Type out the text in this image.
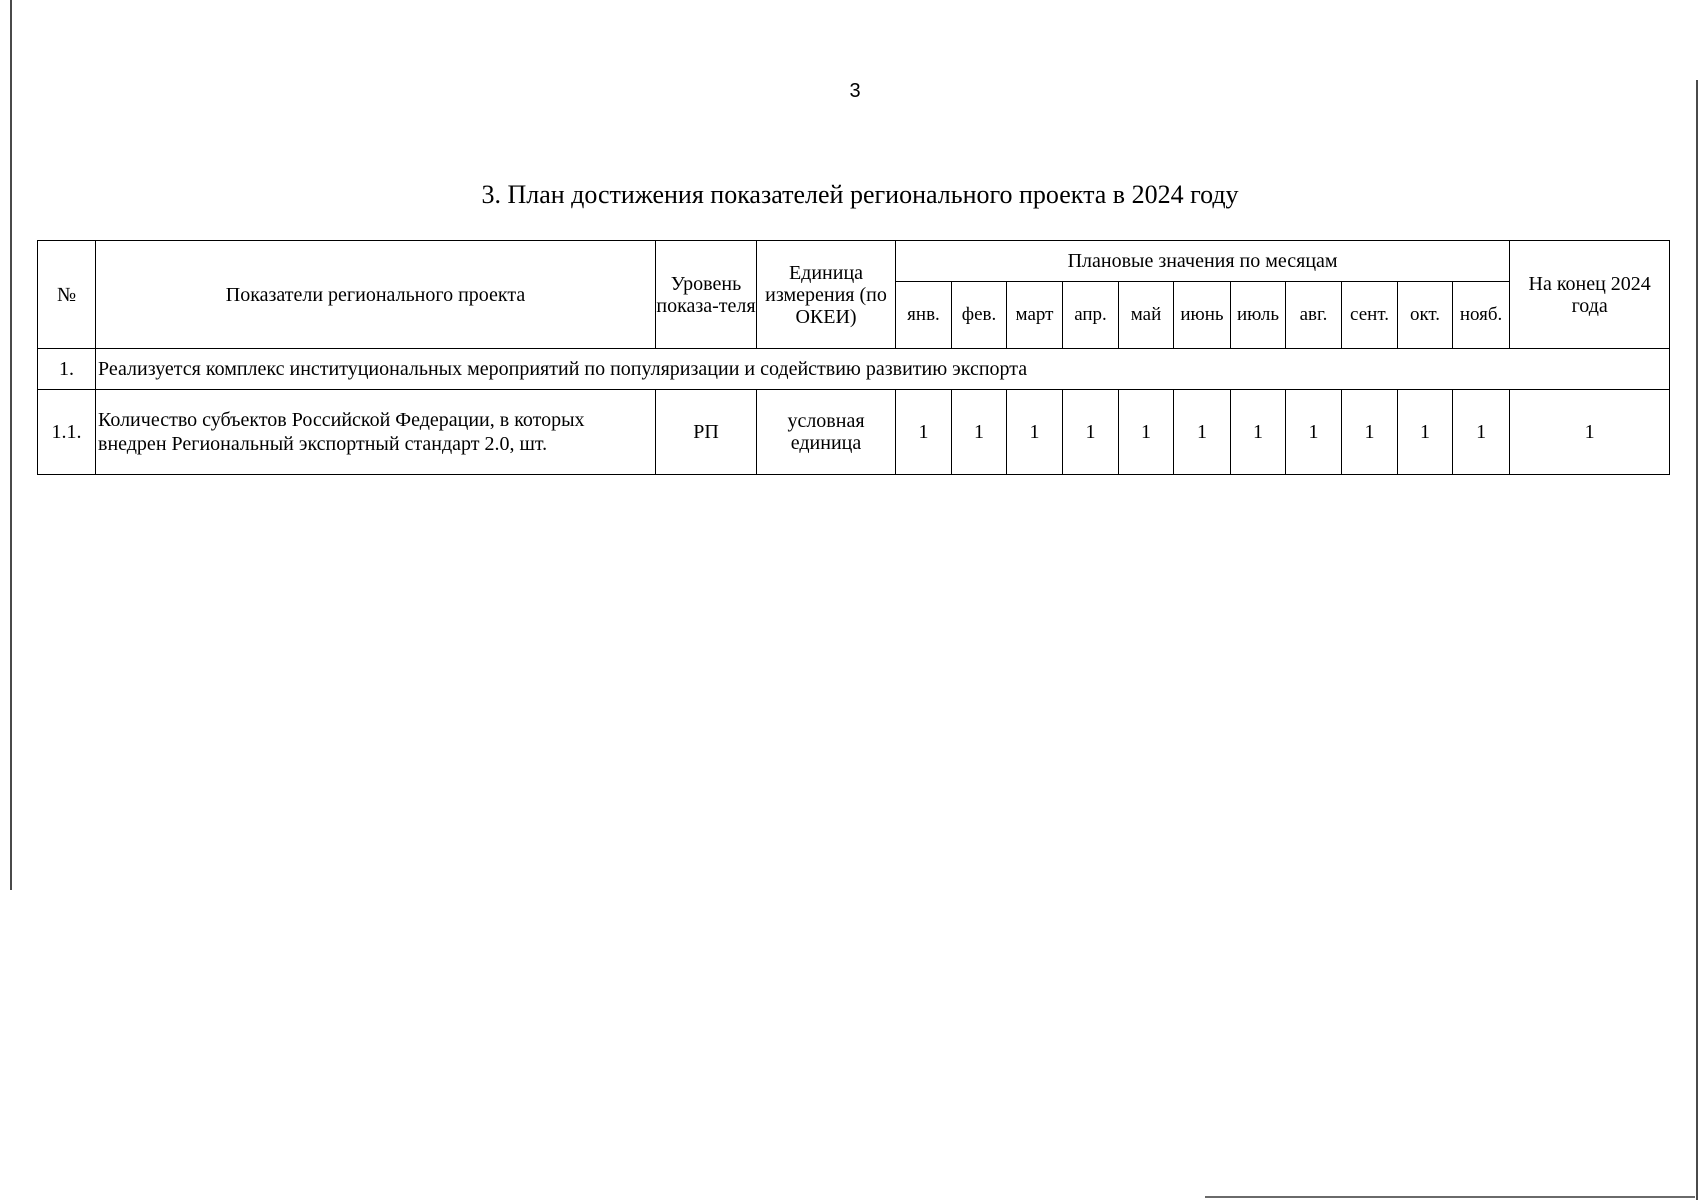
3
3. План достижения показателей регионального проекта в 2024 году
№	Показатели регионального проекта	Уровень показа-теля	Единица измерения (по ОКЕИ)	Плановые значения по месяцам											На конец 2024 года
				янв.	фев.	март	апр.	май	июнь	июль	авг.	сент.	окт.	нояб.	
1.	Реализуется комплекс институциональных мероприятий по популяризации и содействию развитию экспорта														
1.1.	Количество субъектов Российской Федерации, в которых внедрен Региональный экспортный стандарт 2.0, шт.	РП	условная единица	1	1	1	1	1	1	1	1	1	1	1	1
